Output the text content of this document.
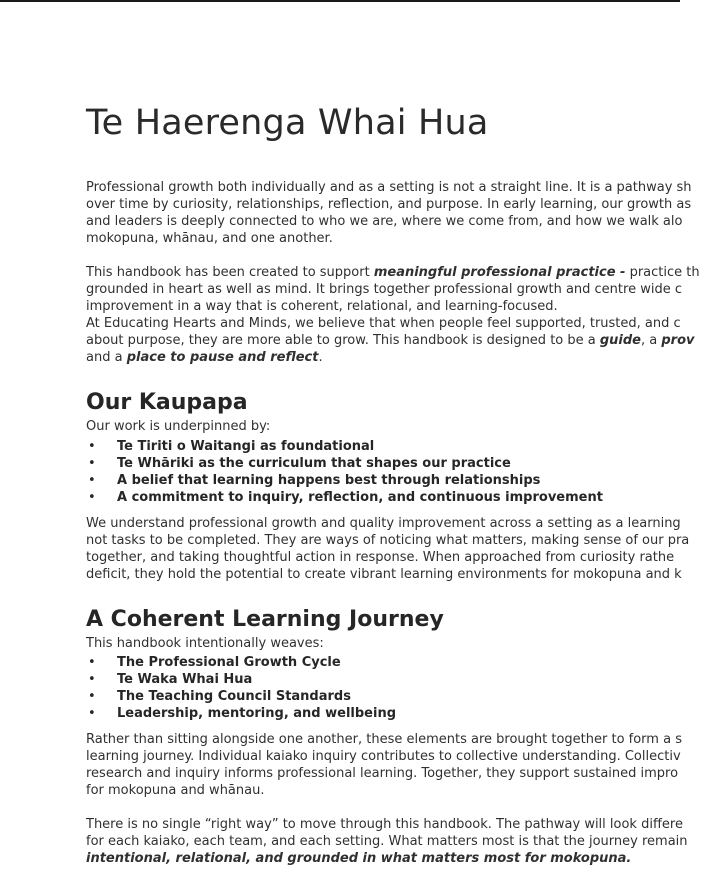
Te Haerenga Whai Hua
Professional growth both individually and as a setting is not a straight line. It is a pathway sh
over time by curiosity, relationships, reflection, and purpose. In early learning, our growth as
and leaders is deeply connected to who we are, where we come from, and how we walk alo
mokopuna, whānau, and one another.
This handbook has been created to support meaningful professional practice - practice th
grounded in heart as well as mind. It brings together professional growth and centre wide c
improvement in a way that is coherent, relational, and learning-focused.
At Educating Hearts and Minds, we believe that when people feel supported, trusted, and c
about purpose, they are more able to grow. This handbook is designed to be a guide, a prov
and a place to pause and reflect.
Our Kaupapa
Our work is underpinned by:
• Te Tiriti o Waitangi as foundational
• Te Whāriki as the curriculum that shapes our practice
• A belief that learning happens best through relationships
• A commitment to inquiry, reflection, and continuous improvement
We understand professional growth and quality improvement across a setting as a learning
not tasks to be completed. They are ways of noticing what matters, making sense of our pra
together, and taking thoughtful action in response. When approached from curiosity rathe
deficit, they hold the potential to create vibrant learning environments for mokopuna and k
A Coherent Learning Journey
This handbook intentionally weaves:
• The Professional Growth Cycle
• Te Waka Whai Hua
• The Teaching Council Standards
• Leadership, mentoring, and wellbeing
Rather than sitting alongside one another, these elements are brought together to form a s
learning journey. Individual kaiako inquiry contributes to collective understanding. Collectiv
research and inquiry informs professional learning. Together, they support sustained impro
for mokopuna and whānau.
There is no single “right way” to move through this handbook. The pathway will look differe
for each kaiako, each team, and each setting. What matters most is that the journey remain
intentional, relational, and grounded in what matters most for mokopuna.
